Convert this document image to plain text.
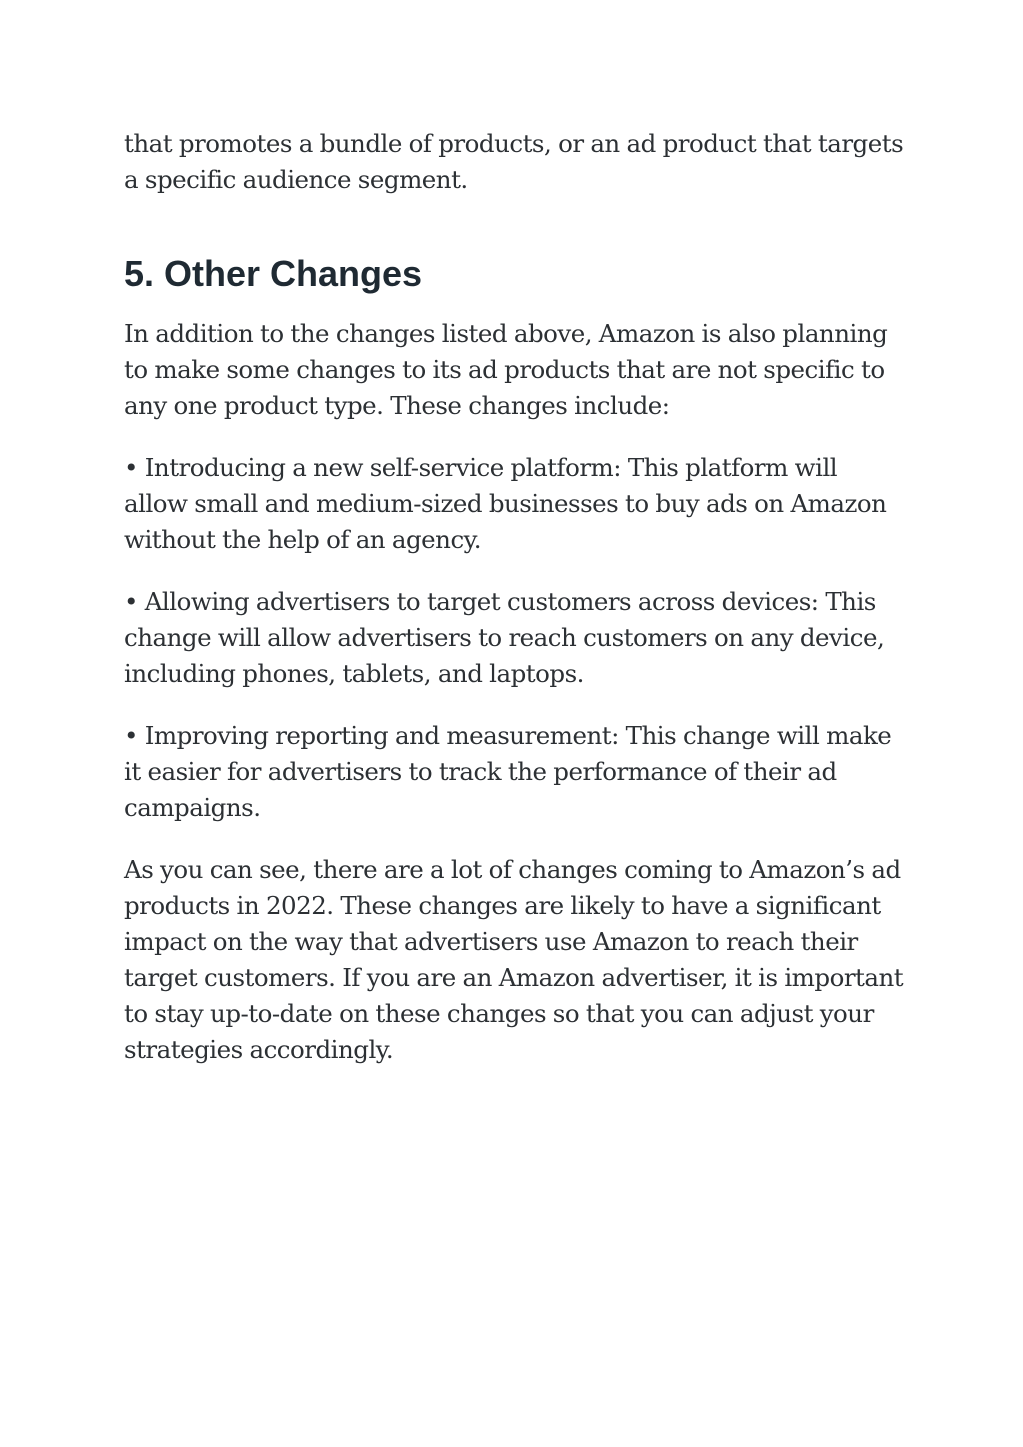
that promotes a bundle of products, or an ad product that targets a specific audience segment.

5. Other Changes

In addition to the changes listed above, Amazon is also planning to make some changes to its ad products that are not specific to any one product type. These changes include:

• Introducing a new self-service platform: This platform will allow small and medium-sized businesses to buy ads on Amazon without the help of an agency.

• Allowing advertisers to target customers across devices: This change will allow advertisers to reach customers on any device, including phones, tablets, and laptops.

• Improving reporting and measurement: This change will make it easier for advertisers to track the performance of their ad campaigns.

As you can see, there are a lot of changes coming to Amazon’s ad products in 2022. These changes are likely to have a significant impact on the way that advertisers use Amazon to reach their target customers. If you are an Amazon advertiser, it is important to stay up-to-date on these changes so that you can adjust your strategies accordingly.
